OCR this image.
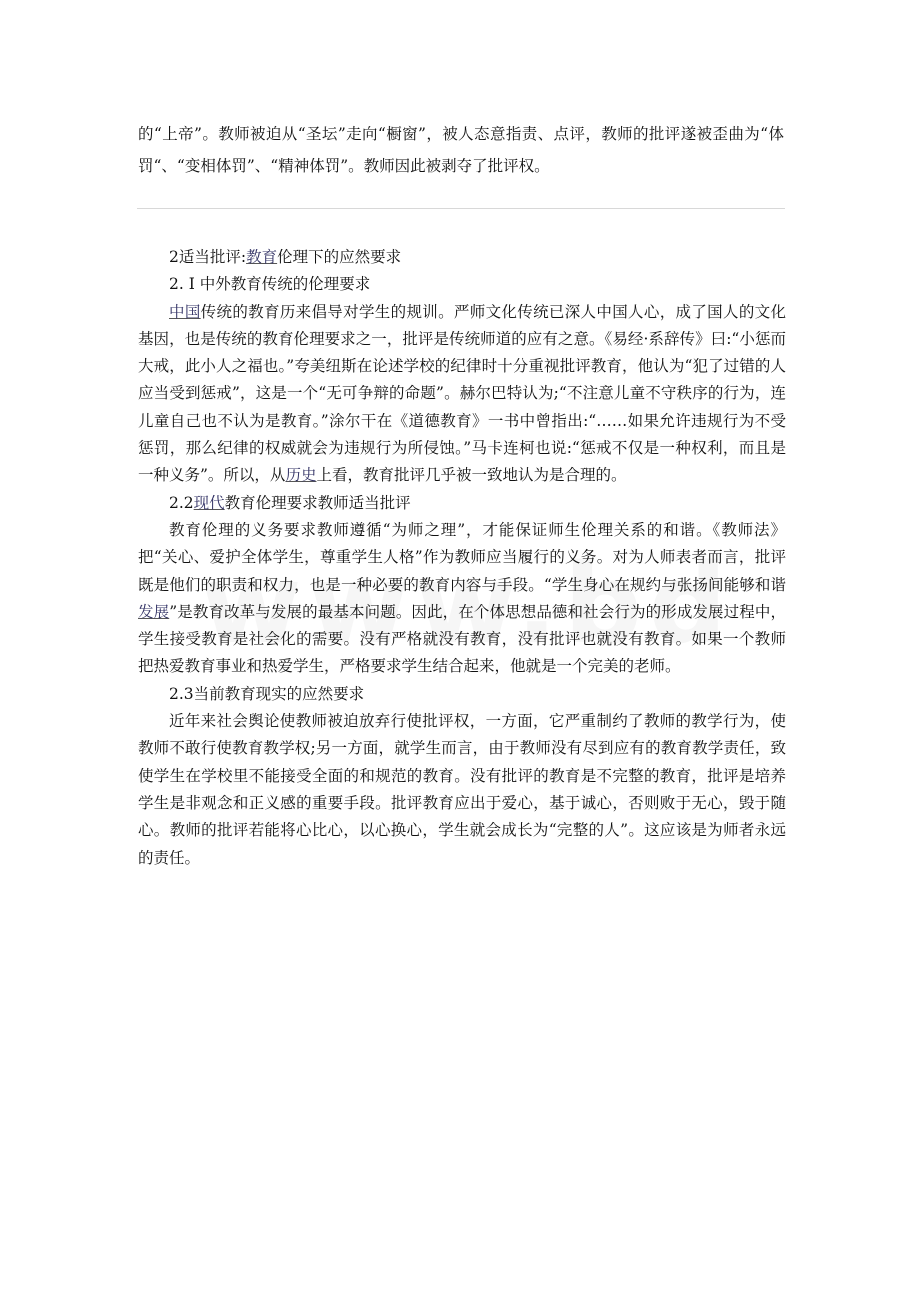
的“上帝”。教师被迫从“圣坛”走向“橱窗”，被人态意指责、点评，教师的批评遂被歪曲为“体罚“、“变相体罚”、“精神体罚”。教师因此被剥夺了批评权。

2适当批评:教育伦理下的应然要求

2. I 中外教育传统的伦理要求

中国传统的教育历来倡导对学生的规训。严师文化传统已深人中国人心，成了国人的文化基因，也是传统的教育伦理要求之一，批评是传统师道的应有之意。《易经·系辞传》曰:“小惩而大戒，此小人之福也。”夸美纽斯在论述学校的纪律时十分重视批评教育，他认为“犯了过错的人应当受到惩戒”，这是一个“无可争辩的命题”。赫尔巴特认为;“不注意儿童不守秩序的行为，连儿童自己也不认为是教育。”涂尔干在《道德教育》一书中曾指出:“……如果允许违规行为不受惩罚，那么纪律的权威就会为违规行为所侵蚀。”马卡连柯也说:“惩戒不仅是一种权利，而且是一种义务”。所以，从历史上看，教育批评几乎被一致地认为是合理的。

2.2现代教育伦理要求教师适当批评

教育伦理的义务要求教师遵循“为师之理”，才能保证师生伦理关系的和谐。《教师法》把“关心、爱护全体学生，尊重学生人格”作为教师应当履行的义务。对为人师表者而言，批评既是他们的职责和权力，也是一种必要的教育内容与手段。“学生身心在规约与张扬间能够和谐发展”是教育改革与发展的最基本问题。因此，在个体思想品德和社会行为的形成发展过程中，学生接受教育是社会化的需要。没有严格就没有教育，没有批评也就没有教育。如果一个教师把热爱教育事业和热爱学生，严格要求学生结合起来，他就是一个完美的老师。

2.3当前教育现实的应然要求

近年来社会舆论使教师被迫放弃行使批评权，一方面，它严重制约了教师的教学行为，使教师不敢行使教育教学权;另一方面，就学生而言，由于教师没有尽到应有的教育教学责任，致使学生在学校里不能接受全面的和规范的教育。没有批评的教育是不完整的教育，批评是培养学生是非观念和正义感的重要手段。批评教育应出于爱心，基于诚心，否则败于无心，毁于随心。教师的批评若能将心比心，以心换心，学生就会成长为“完整的人”。这应该是为师者永远的责任。
